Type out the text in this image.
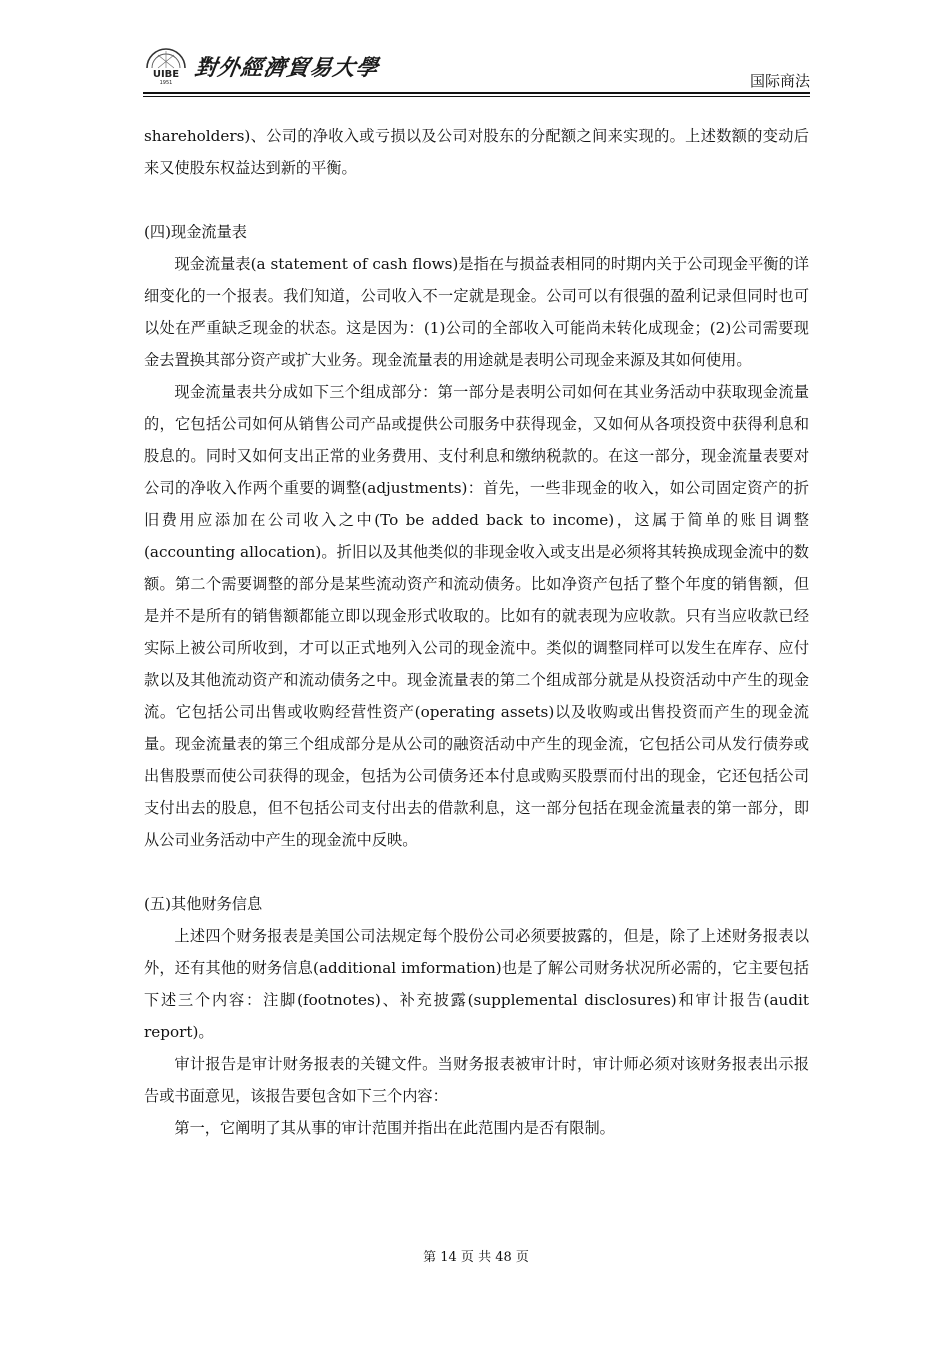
UIBE
1951
對外經濟貿易大學
国际商法

shareholders)、公司的净收入或亏损以及公司对股东的分配额之间来实现的。上述数额的变动后来又使股东权益达到新的平衡。

(四)现金流量表

现金流量表(a statement of cash flows)是指在与损益表相同的时期内关于公司现金平衡的详细变化的一个报表。我们知道，公司收入不一定就是现金。公司可以有很强的盈利记录但同时也可以处在严重缺乏现金的状态。这是因为：(1)公司的全部收入可能尚未转化成现金；(2)公司需要现金去置换其部分资产或扩大业务。现金流量表的用途就是表明公司现金来源及其如何使用。

现金流量表共分成如下三个组成部分：第一部分是表明公司如何在其业务活动中获取现金流量的，它包括公司如何从销售公司产品或提供公司服务中获得现金，又如何从各项投资中获得利息和股息的。同时又如何支出正常的业务费用、支付利息和缴纳税款的。在这一部分，现金流量表要对公司的净收入作两个重要的调整(adjustments)：首先，一些非现金的收入，如公司固定资产的折旧费用应添加在公司收入之中(To be added back to income)，这属于简单的账目调整(accounting allocation)。折旧以及其他类似的非现金收入或支出是必须将其转换成现金流中的数额。第二个需要调整的部分是某些流动资产和流动债务。比如净资产包括了整个年度的销售额，但是并不是所有的销售额都能立即以现金形式收取的。比如有的就表现为应收款。只有当应收款已经实际上被公司所收到，才可以正式地列入公司的现金流中。类似的调整同样可以发生在库存、应付款以及其他流动资产和流动债务之中。现金流量表的第二个组成部分就是从投资活动中产生的现金流。它包括公司出售或收购经营性资产(operating assets)以及收购或出售投资而产生的现金流量。现金流量表的第三个组成部分是从公司的融资活动中产生的现金流，它包括公司从发行债券或出售股票而使公司获得的现金，包括为公司债务还本付息或购买股票而付出的现金，它还包括公司支付出去的股息，但不包括公司支付出去的借款利息，这一部分包括在现金流量表的第一部分，即从公司业务活动中产生的现金流中反映。

(五)其他财务信息

上述四个财务报表是美国公司法规定每个股份公司必须要披露的，但是，除了上述财务报表以外，还有其他的财务信息(additional imformation)也是了解公司财务状况所必需的，它主要包括下述三个内容：注脚(footnotes)、补充披露(supplemental disclosures)和审计报告(audit report)。

审计报告是审计财务报表的关键文件。当财务报表被审计时，审计师必须对该财务报表出示报告或书面意见，该报告要包含如下三个内容：

第一，它阐明了其从事的审计范围并指出在此范围内是否有限制。

第 14 页 共 48 页
